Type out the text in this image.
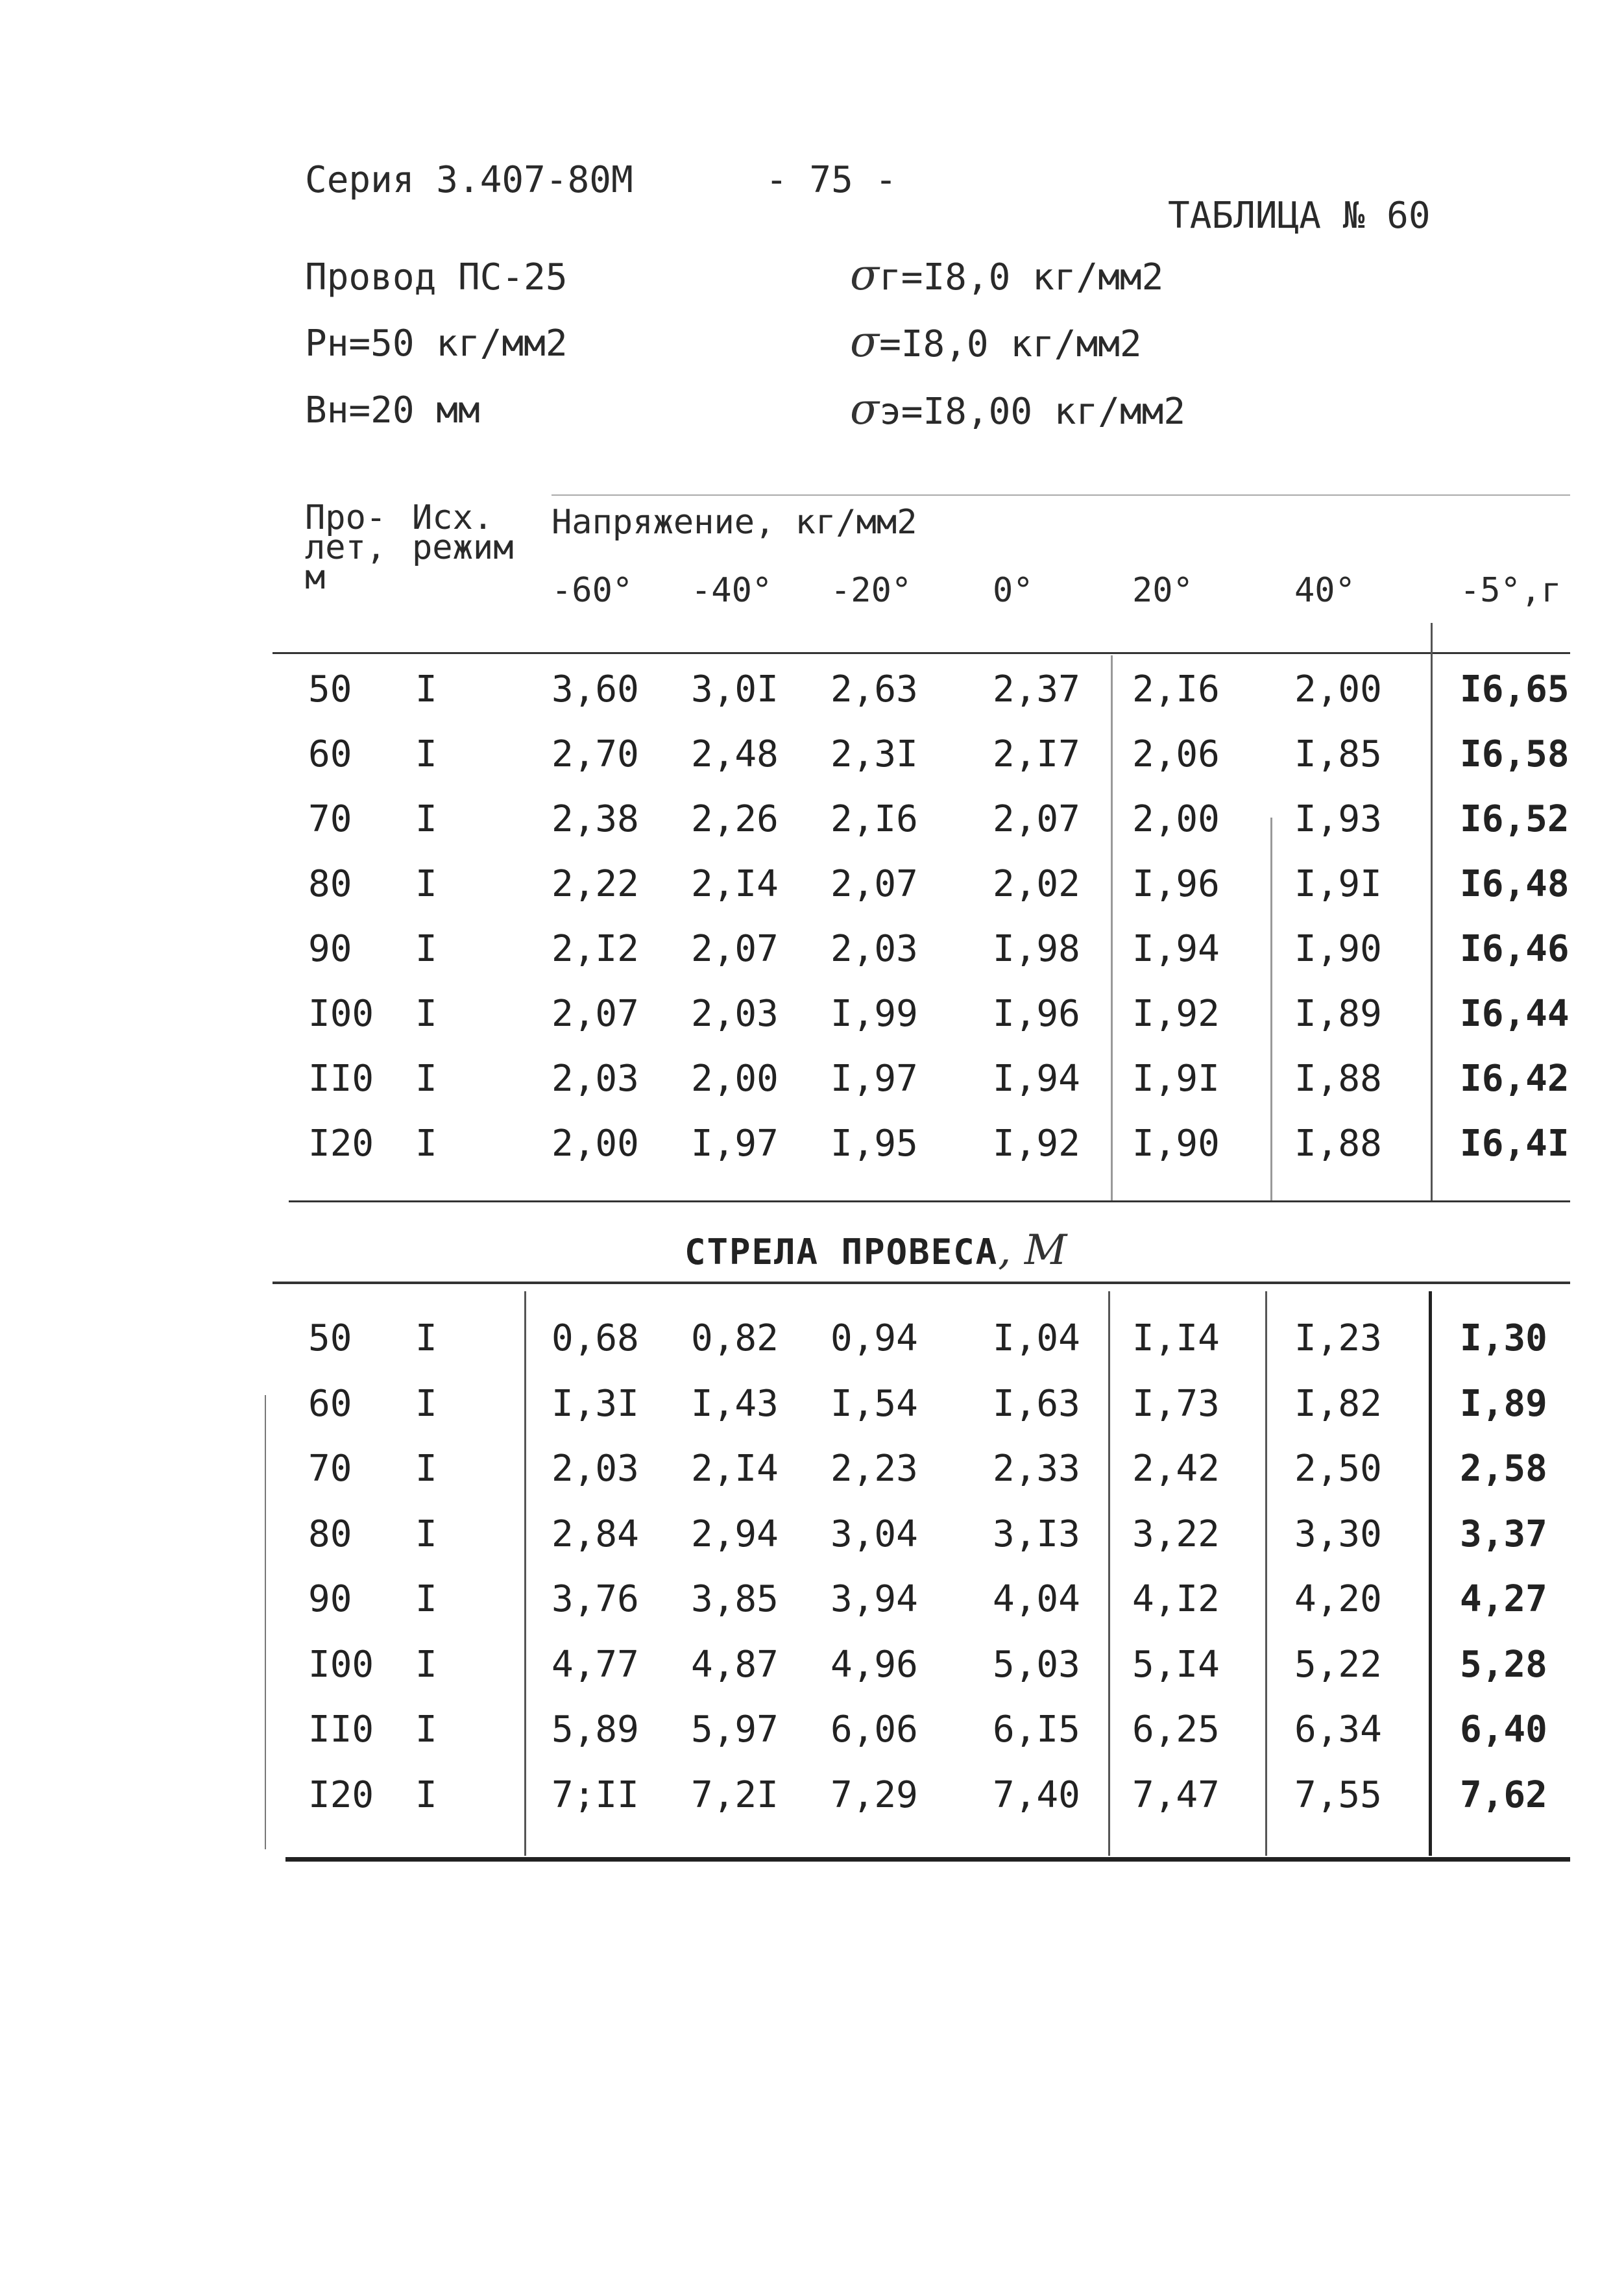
Серия 3.407-80М	- 75 -
ТАБЛИЦА № 60
Провод ПС-25
Pн=50 кг/мм2
Bн=20 мм
σг=I8,0 кг/мм2
σ=I8,0 кг/мм2
σэ=I8,00 кг/мм2
Про-
лет,
м
Исх.
режим
Напряжение, кг/мм2
-60° -40° -20° 0°	20°	40°	-5°,г
50 I	3,60 3,0I 2,63 2,37 2,I6 2,00 I6,65
60 I	2,70 2,48 2,3I 2,I7 2,06 I,85 I6,58
70 I	2,38 2,26 2,I6 2,07 2,00 I,93 I6,52
80 I	2,22 2,I4 2,07 2,02 I,96 I,9I I6,48
90 I	2,I2 2,07 2,03 I,98 I,94 I,90 I6,46
I00 I	2,07 2,03 I,99 I,96 I,92 I,89 I6,44
II0 I	2,03 2,00 I,97 I,94 I,9I I,88 I6,42
I20 I	2,00 I,97 I,95 I,92 I,90 I,88 I6,4I
СТРЕЛА ПРОВЕСА, М
50 I	0,68 0,82 0,94 I,04 I,I4 I,23 I,30
60 I	I,3I I,43 I,54 I,63 I,73 I,82 I,89
70 I	2,03 2,I4 2,23 2,33 2,42 2,50 2,58
80 I	2,84 2,94 3,04 3,I3 3,22 3,30 3,37
90 I	3,76 3,85 3,94 4,04 4,I2 4,20 4,27
I00 I	4,77 4,87 4,96 5,03 5,I4 5,22 5,28
II0 I	5,89 5,97 6,06 6,I5 6,25 6,34 6,40
I20 I	7;II 7,2I 7,29 7,40 7,47 7,55 7,62
